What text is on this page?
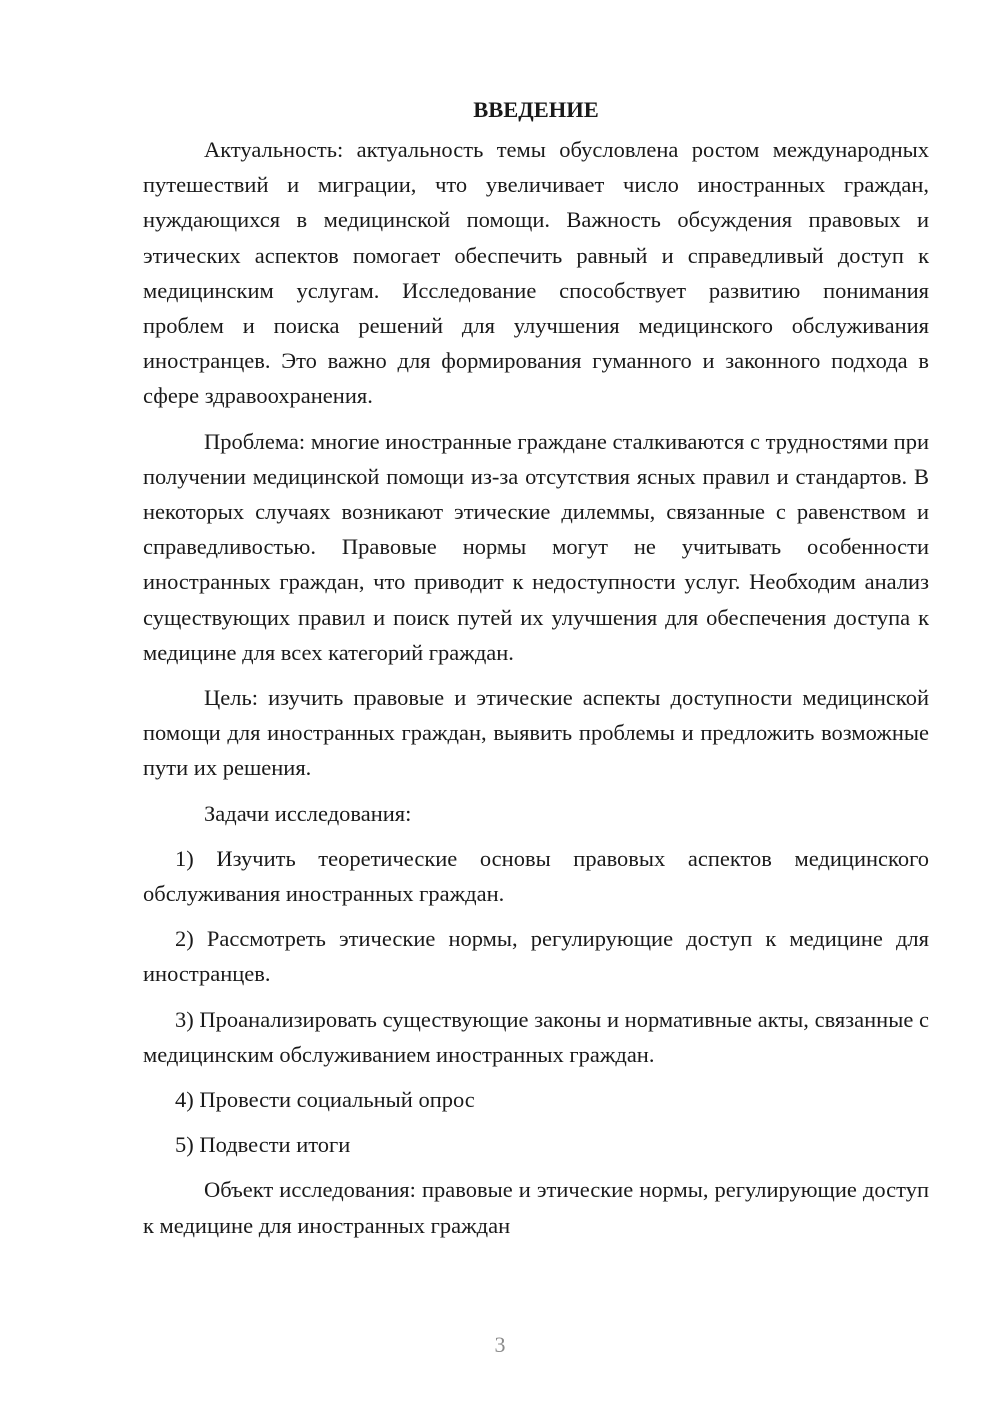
ВВЕДЕНИЕ

Актуальность: актуальность темы обусловлена ростом международных путешествий и миграции, что увеличивает число иностранных граждан, нуждающихся в медицинской помощи. Важность обсуждения правовых и этических аспектов помогает обеспечить равный и справедливый доступ к медицинским услугам. Исследование способствует развитию понимания проблем и поиска решений для улучшения медицинского обслуживания иностранцев. Это важно для формирования гуманного и законного подхода в сфере здравоохранения.

Проблема: многие иностранные граждане сталкиваются с трудностями при получении медицинской помощи из-за отсутствия ясных правил и стандартов. В некоторых случаях возникают этические дилеммы, связанные с равенством и справедливостью. Правовые нормы могут не учитывать особенности иностранных граждан, что приводит к недоступности услуг. Необходим анализ существующих правил и поиск путей их улучшения для обеспечения доступа к медицине для всех категорий граждан.

Цель: изучить правовые и этические аспекты доступности медицинской помощи для иностранных граждан, выявить проблемы и предложить возможные пути их решения.

Задачи исследования:

1) Изучить теоретические основы правовых аспектов медицинского обслуживания иностранных граждан.

2) Рассмотреть этические нормы, регулирующие доступ к медицине для иностранцев.

3) Проанализировать существующие законы и нормативные акты, связанные с медицинским обслуживанием иностранных граждан.

4) Провести социальный опрос

5) Подвести итоги

Объект исследования: правовые и этические нормы, регулирующие доступ к медицине для иностранных граждан

3
